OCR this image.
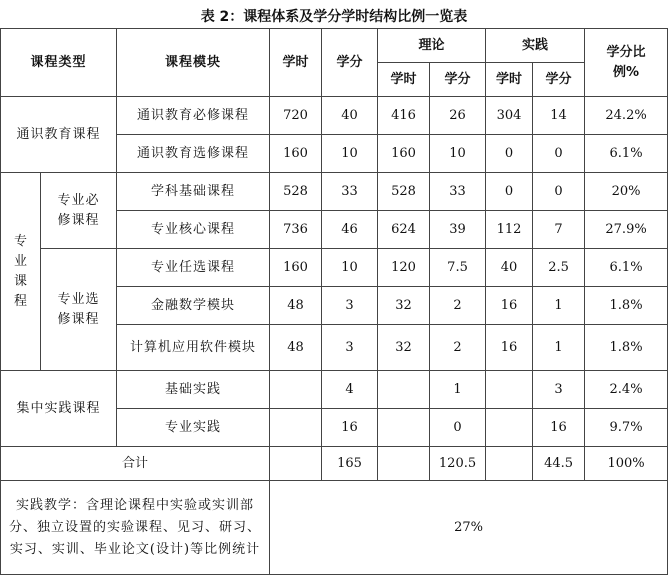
表 2：课程体系及学分学时结构比例一览表
课程类型		课程模块	学时	学分	理论		实践		学分比例%
					学时	学分	学时	学分	
通识教育课程		通识教育必修课程	720	40	416	26	304	14	24.2%
		通识教育选修课程	160	10	160	10	0	0	6.1%
专业课程	专业必修课程	学科基础课程	528	33	528	33	0	0	20%
		专业核心课程	736	46	624	39	112	7	27.9%
	专业选修课程	专业任选课程	160	10	120	7.5	40	2.5	6.1%
		金融数学模块	48	3	32	2	16	1	1.8%
		计算机应用软件模块	48	3	32	2	16	1	1.8%
集中实践课程		基础实践		4		1		3	2.4%
		专业实践		16		0		16	9.7%
合计				165		120.5		44.5	100%
实践教学：含理论课程中实验或实训部分、独立设置的实验课程、见习、研习、实习、实训、毕业论文(设计)等比例统计			27%						
